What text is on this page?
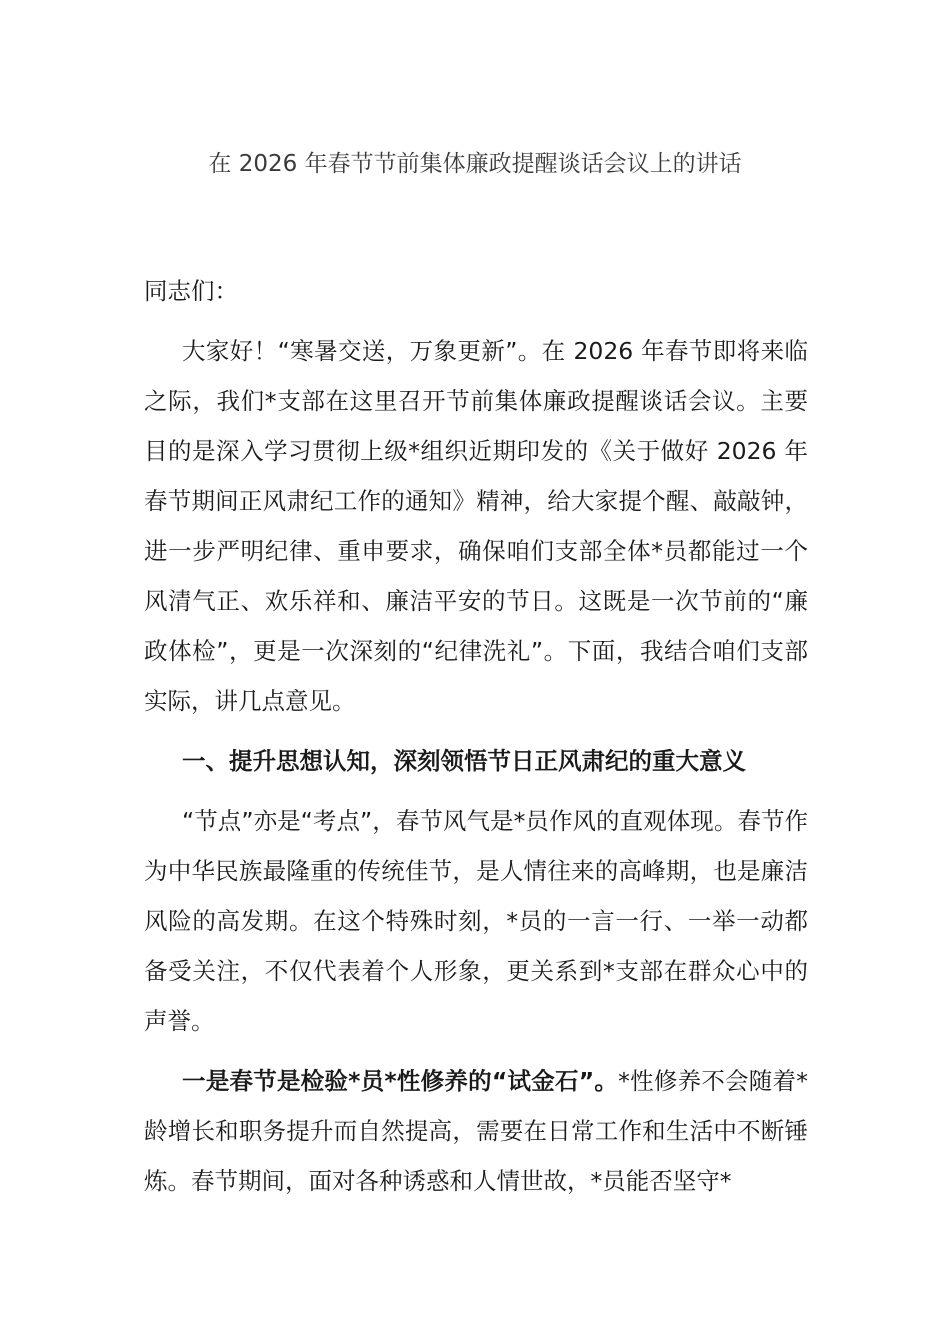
在 2026 年春节节前集体廉政提醒谈话会议上的讲话

同志们：

大家好！“寒暑交送，万象更新”。在 2026 年春节即将来临之际，我们*支部在这里召开节前集体廉政提醒谈话会议。主要目的是深入学习贯彻上级*组织近期印发的《关于做好 2026 年春节期间正风肃纪工作的通知》精神，给大家提个醒、敲敲钟，进一步严明纪律、重申要求，确保咱们支部全体*员都能过一个风清气正、欢乐祥和、廉洁平安的节日。这既是一次节前的“廉政体检”，更是一次深刻的“纪律洗礼”。下面，我结合咱们支部实际，讲几点意见。

一、提升思想认知，深刻领悟节日正风肃纪的重大意义

“节点”亦是“考点”，春节风气是*员作风的直观体现。春节作为中华民族最隆重的传统佳节，是人情往来的高峰期，也是廉洁风险的高发期。在这个特殊时刻，*员的一言一行、一举一动都备受关注，不仅代表着个人形象，更关系到*支部在群众心中的声誉。

一是春节是检验*员*性修养的“试金石”。*性修养不会随着*龄增长和职务提升而自然提高，需要在日常工作和生活中不断锤炼。春节期间，面对各种诱惑和人情世故，*员能否坚守*
